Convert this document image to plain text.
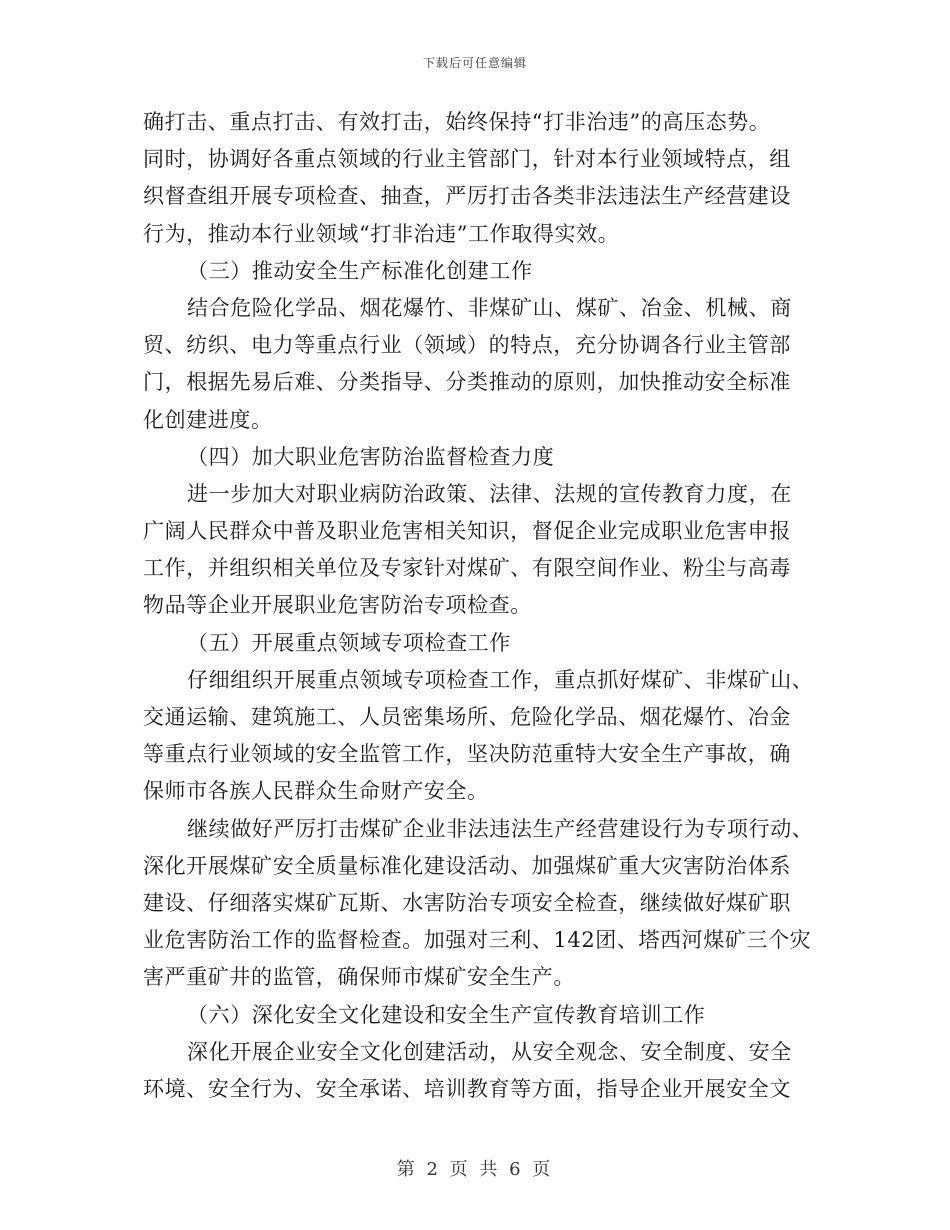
下载后可任意编辑
确打击、重点打击、有效打击，始终保持“打非治违”的高压态势。
同时，协调好各重点领域的行业主管部门，针对本行业领域特点，组
织督查组开展专项检查、抽查，严厉打击各类非法违法生产经营建设
行为，推动本行业领域“打非治违”工作取得实效。
（三）推动安全生产标准化创建工作
结合危险化学品、烟花爆竹、非煤矿山、煤矿、冶金、机械、商
贸、纺织、电力等重点行业（领域）的特点，充分协调各行业主管部
门，根据先易后难、分类指导、分类推动的原则，加快推动安全标准
化创建进度。
（四）加大职业危害防治监督检查力度
进一步加大对职业病防治政策、法律、法规的宣传教育力度，在
广阔人民群众中普及职业危害相关知识，督促企业完成职业危害申报
工作，并组织相关单位及专家针对煤矿、有限空间作业、粉尘与高毒
物品等企业开展职业危害防治专项检查。
（五）开展重点领域专项检查工作
仔细组织开展重点领域专项检查工作，重点抓好煤矿、非煤矿山、
交通运输、建筑施工、人员密集场所、危险化学品、烟花爆竹、冶金
等重点行业领域的安全监管工作，坚决防范重特大安全生产事故，确
保师市各族人民群众生命财产安全。
继续做好严厉打击煤矿企业非法违法生产经营建设行为专项行动、
深化开展煤矿安全质量标准化建设活动、加强煤矿重大灾害防治体系
建设、仔细落实煤矿瓦斯、水害防治专项安全检查，继续做好煤矿职
业危害防治工作的监督检查。加强对三利、142团、塔西河煤矿三个灾
害严重矿井的监管，确保师市煤矿安全生产。
（六）深化安全文化建设和安全生产宣传教育培训工作
深化开展企业安全文化创建活动，从安全观念、安全制度、安全
环境、安全行为、安全承诺、培训教育等方面，指导企业开展安全文
第 2 页 共 6 页
